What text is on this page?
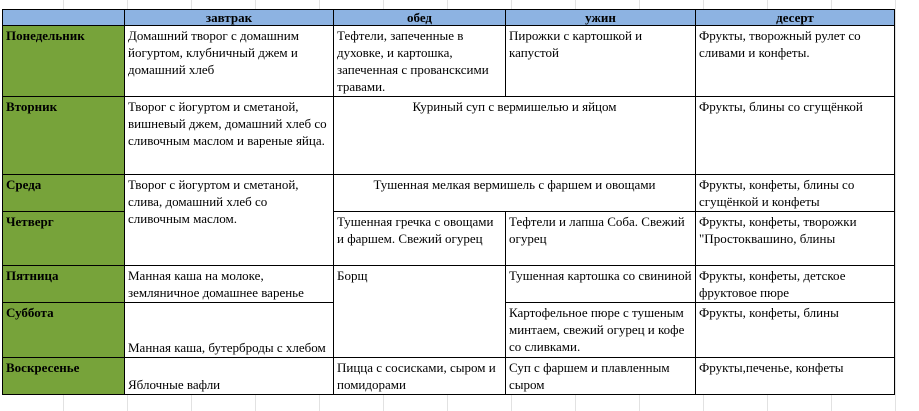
	завтрак	обед	ужин	десерт
Понедельник	Домашний творог с домашним йогуртом, клубничный джем и домашний хлеб	Тефтели, запеченные в духовке, и картошка, запеченная с провансксими травами.	Пирожки с картошкой и капустой	Фрукты, творожный рулет со сливами и конфеты.
Вторник	Творог с йогуртом и сметаной, вишневый джем, домашний хлеб со сливочным маслом и вареные яйца.	Куриный суп с вермишелью и яйцом		Фрукты, блины со сгущёнкой
Среда	Творог с йогуртом и сметаной, слива, домашний хлеб со сливочным маслом.	Тушенная мелкая вермишель с фаршем и овощами		Фрукты, конфеты, блины со сгущёнкой и конфеты
Четверг		Тушенная гречка с овощами и фаршем. Свежий огурец	Тефтели и лапша Соба. Свежий огурец	Фрукты, конфеты, творожки "Простоквашино, блины
Пятница	Манная каша на молоке, земляничное домашнее варенье	Борщ	Тушенная картошка со свининой	Фрукты, конфеты, детское фруктовое пюре
Суббота	Манная каша, бутерброды с хлебом		Картофельное пюре с тушеным минтаем, свежий огурец и кофе со сливками.	Фрукты, конфеты, блины
Воскресенье	Яблочные вафли	Пицца с сосисками, сыром и помидорами	Суп с фаршем и плавленным сыром	Фрукты,печенье, конфеты
